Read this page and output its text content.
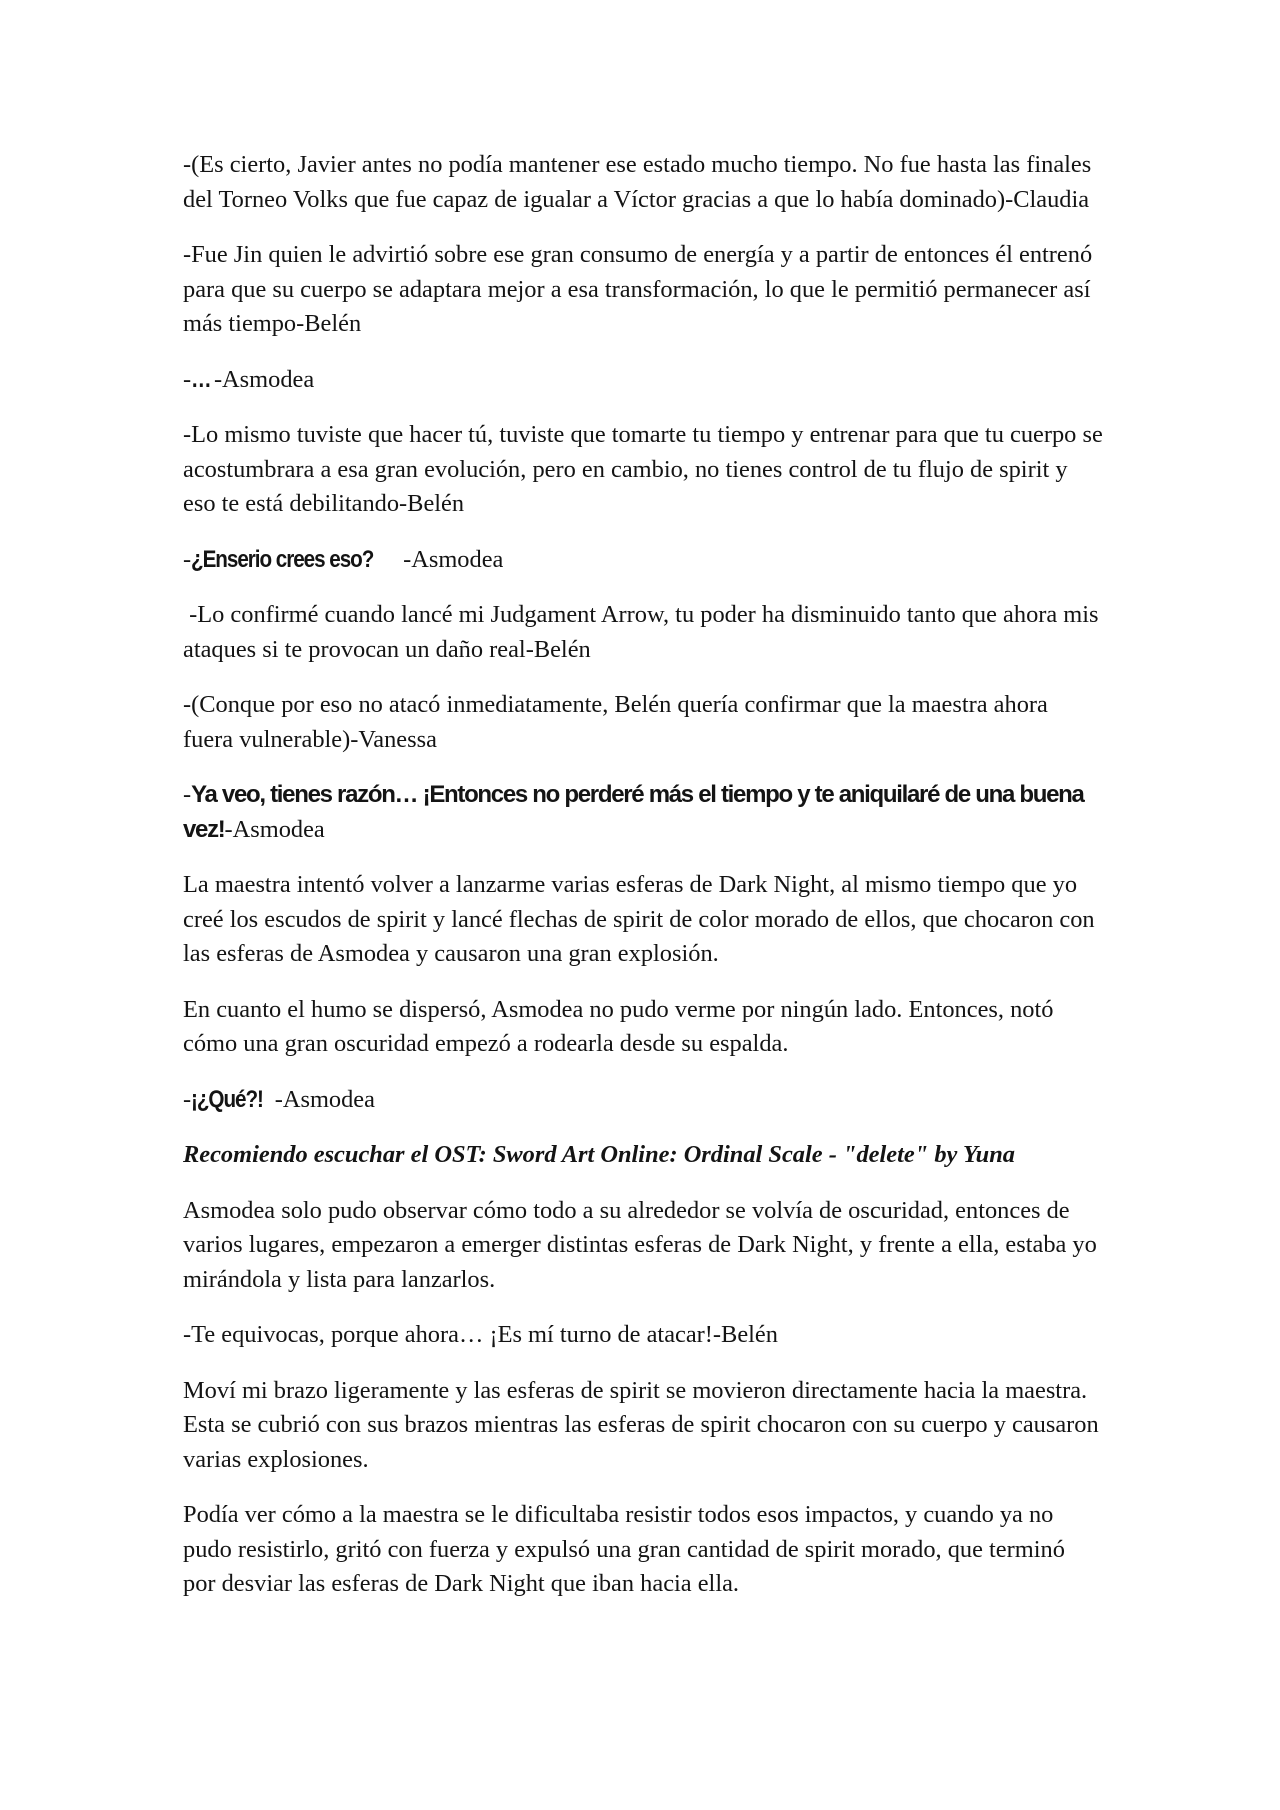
-(Es cierto, Javier antes no podía mantener ese estado mucho tiempo. No fue hasta las finales del Torneo Volks que fue capaz de igualar a Víctor gracias a que lo había dominado)-Claudia

-Fue Jin quien le advirtió sobre ese gran consumo de energía y a partir de entonces él entrenó para que su cuerpo se adaptara mejor a esa transformación, lo que le permitió permanecer así más tiempo-Belén

-… -Asmodea

-Lo mismo tuviste que hacer tú, tuviste que tomarte tu tiempo y entrenar para que tu cuerpo se acostumbrara a esa gran evolución, pero en cambio, no tienes control de tu flujo de spirit y eso te está debilitando-Belén

-¿Enserio crees eso? -Asmodea

-Lo confirmé cuando lancé mi Judgament Arrow, tu poder ha disminuido tanto que ahora mis ataques si te provocan un daño real-Belén

-(Conque por eso no atacó inmediatamente, Belén quería confirmar que la maestra ahora fuera vulnerable)-Vanessa

-Ya veo, tienes razón… ¡Entonces no perderé más el tiempo y te aniquilaré de una buena vez!-Asmodea

La maestra intentó volver a lanzarme varias esferas de Dark Night, al mismo tiempo que yo creé los escudos de spirit y lancé flechas de spirit de color morado de ellos, que chocaron con las esferas de Asmodea y causaron una gran explosión.

En cuanto el humo se dispersó, Asmodea no pudo verme por ningún lado. Entonces, notó cómo una gran oscuridad empezó a rodearla desde su espalda.

-¡¿Qué?! -Asmodea

Recomiendo escuchar el OST: Sword Art Online: Ordinal Scale - "delete" by Yuna

Asmodea solo pudo observar cómo todo a su alrededor se volvía de oscuridad, entonces de varios lugares, empezaron a emerger distintas esferas de Dark Night, y frente a ella, estaba yo mirándola y lista para lanzarlos.

-Te equivocas, porque ahora… ¡Es mí turno de atacar!-Belén

Moví mi brazo ligeramente y las esferas de spirit se movieron directamente hacia la maestra. Esta se cubrió con sus brazos mientras las esferas de spirit chocaron con su cuerpo y causaron varias explosiones.

Podía ver cómo a la maestra se le dificultaba resistir todos esos impactos, y cuando ya no pudo resistirlo, gritó con fuerza y expulsó una gran cantidad de spirit morado, que terminó por desviar las esferas de Dark Night que iban hacia ella.
